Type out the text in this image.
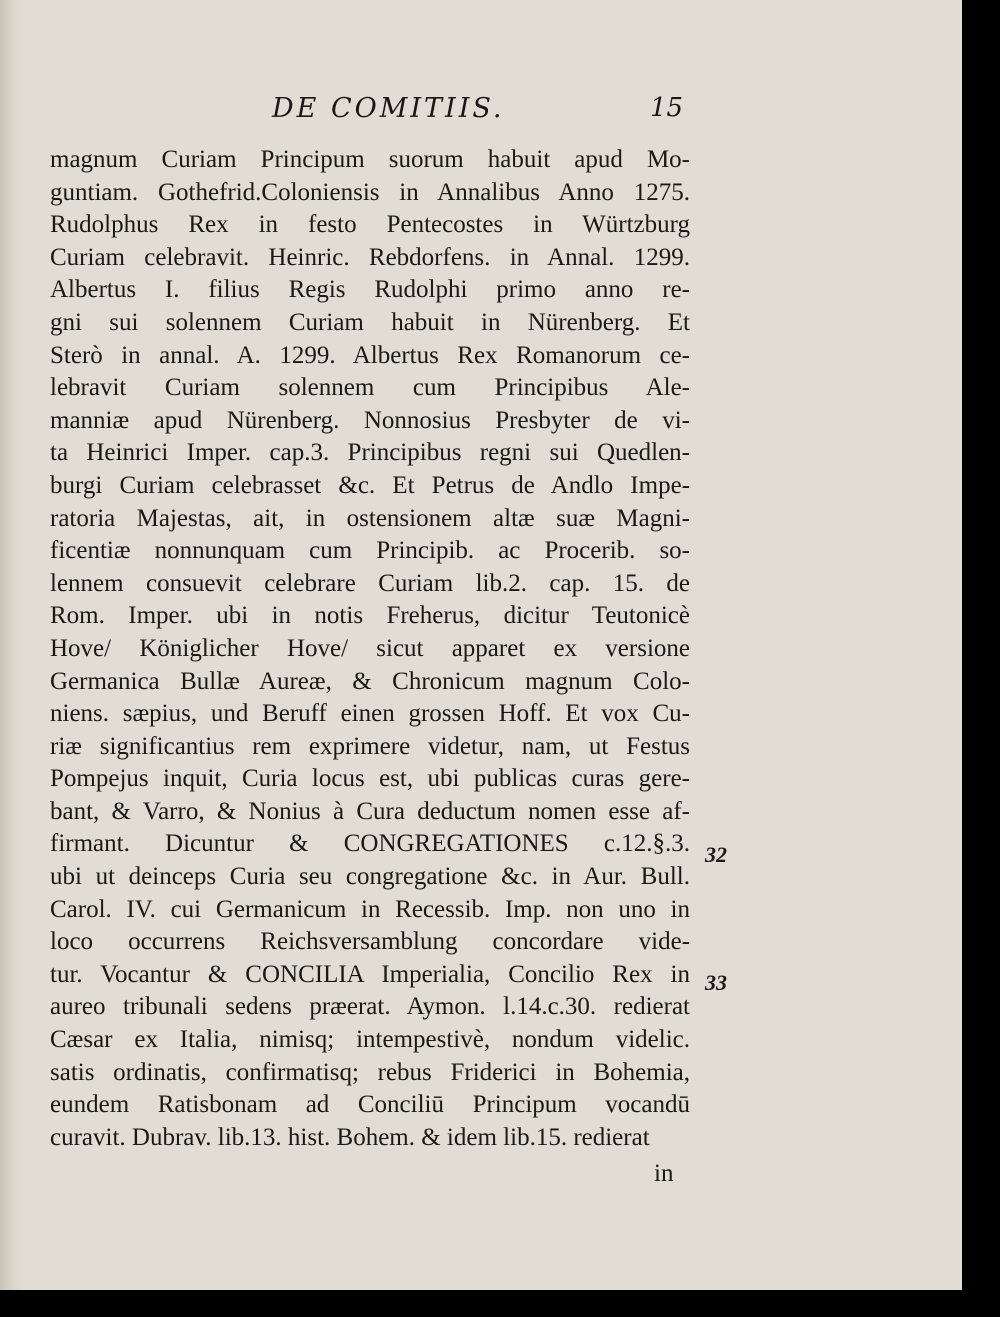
DE COMITIIS.	15
magnum Curiam Principum suorum habuit apud Mo-
guntiam. Gothefrid.Coloniensis in Annalibus Anno 1275.
Rudolphus Rex in festo Pentecostes in Würtzburg
Curiam celebravit. Heinric. Rebdorfens. in Annal. 1299.
Albertus I. filius Regis Rudolphi primo anno re-
gni sui solennem Curiam habuit in Nürenberg. Et
Sterò in annal. A. 1299. Albertus Rex Romanorum ce-
lebravit Curiam solennem cum Principibus Ale-
manniæ apud Nürenberg. Nonnosius Presbyter de vi-
ta Heinrici Imper. cap.3. Principibus regni sui Quedlen-
burgi Curiam celebrasset &c. Et Petrus de Andlo Impe-
ratoria Majestas, ait, in ostensionem altæ suæ Magni-
ficentiæ nonnunquam cum Principib. ac Procerib. so-
lennem consuevit celebrare Curiam lib.2. cap. 15. de
Rom. Imper. ubi in notis Freherus, dicitur Teutonicè
Hove/ Königlicher Hove/ sicut apparet ex versione
Germanica Bullæ Aureæ, & Chronicum magnum Colo-
niens. sæpius, und Beruff einen grossen Hoff. Et vox Cu-
riæ significantius rem exprimere videtur, nam, ut Festus
Pompejus inquit, Curia locus est, ubi publicas curas gere-
bant, & Varro, & Nonius à Cura deductum nomen esse af-
firmant. Dicuntur & CONGREGATIONES c.12.§.3.
ubi ut deinceps Curia seu congregatione &c. in Aur. Bull.
Carol. IV. cui Germanicum in Recessib. Imp. non uno in
loco occurrens Reichsversamblung concordare vide-
tur. Vocantur & CONCILIA Imperialia, Concilio Rex in
aureo tribunali sedens præerat. Aymon. l.14.c.30. redierat
Cæsar ex Italia, nimisq; intempestivè, nondum videlic.
satis ordinatis, confirmatisq; rebus Friderici in Bohemia,
eundem Ratisbonam ad Conciliū Principum vocandū
curavit. Dubrav. lib.13. hist. Bohem. & idem lib.15. redierat
in
32
33
